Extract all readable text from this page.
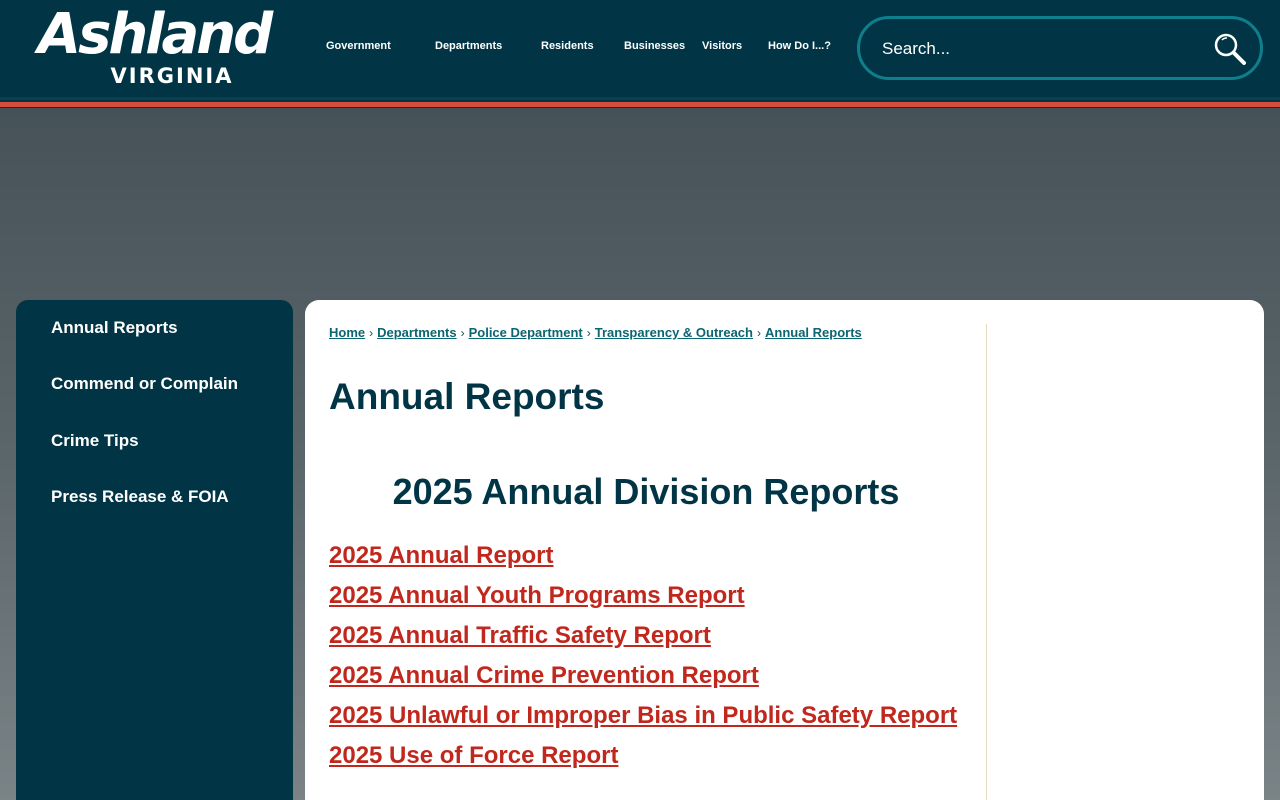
Ashland
VIRGINIA
Government	Departments	Residents	Businesses Visitors How Do I...?
Search...
Annual Reports
Commend or Complain
Crime Tips
Press Release & FOIA
Home › Departments › Police Department › Transparency & Outreach › Annual Reports
Annual Reports
2025 Annual Division Reports
2025 Annual Report
2025 Annual Youth Programs Report
2025 Annual Traffic Safety Report
2025 Annual Crime Prevention Report
2025 Unlawful or Improper Bias in Public Safety Report
2025 Use of Force Report
